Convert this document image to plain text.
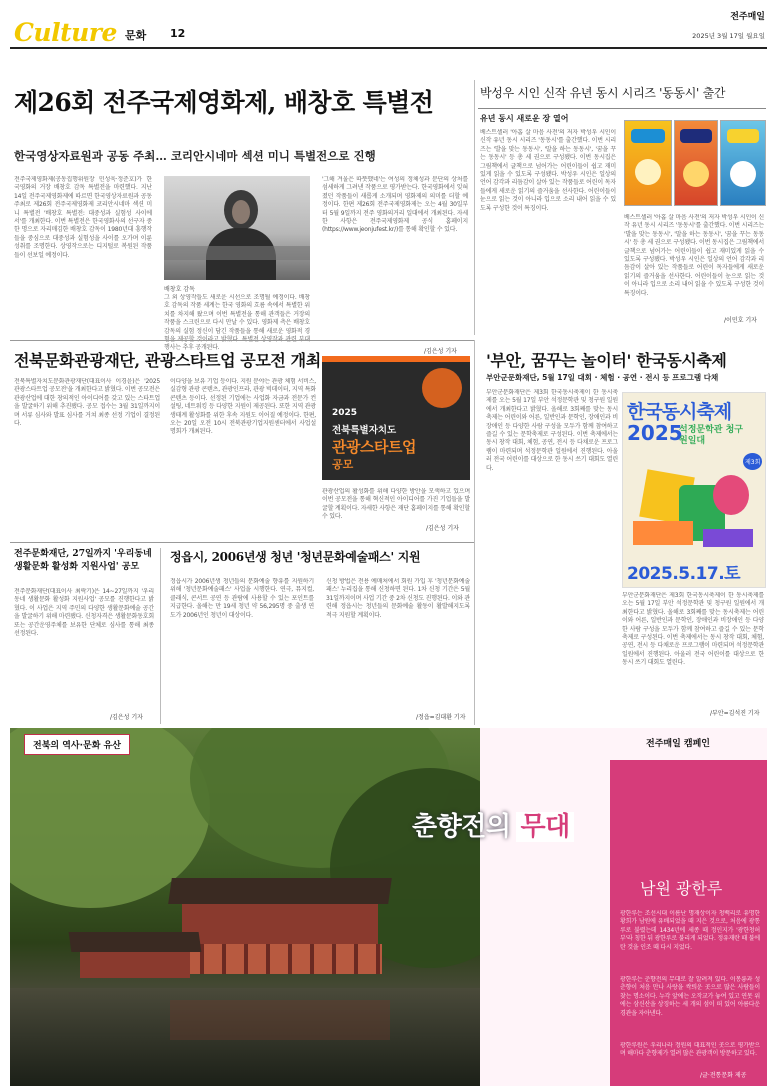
Culture 문화 12
전주매일
2025년 3월 17일 월요일
제26회 전주국제영화제, 배창호 특별전
한국영상자료원과 공동 주최… 코리안시네마 섹션 미니 특별전으로 진행
전주국제영화제(공동집행위원장 민성욱·정준호)가 한국영화의 거장 배창호 감독 특별전을 마련했다. 지난 14일 전주국제영화제에 따르면 한국영상자료원과 공동 주최로 제26회 전주국제영화제 코리안시네마 섹션 미니 특별전 '배창호 특별전: 대중성과 실험성 사이에서'를 개최한다. 이번 특별전은 한국영화사의 선구자 중 한 명으로 자리매김한 배창호 감독이 1980년대 흥행작들을 중심으로 대중성과 실험성을 사이를 오가며 이룬 성취를 조명한다. 상영작으로는 디지털로 복원된 작품들이 선보일 예정이다.
배창호 감독
그 외 상영작들도 새로운 시선으로 조명될 예정이다. 배창호 감독의 작품 세계는 한국 영화의 흐름 속에서 특별한 위치를 차지해 왔으며 이번 특별전을 통해 관객들은 거장의 작품을 스크린으로 다시 만날 수 있다. 영화제 측은 배창호 감독의 실험 정신이 담긴 작품들을 통해 새로운 영화적 경 행사는 추후 공개된다.
'그해 겨울은 따뜻했네'는 여성의 정체성과 분단의 상처를 섬세하게 그려낸 작품으로 평가받는다. 한국영화에서 잊혀졌던 작품들이 새롭게 소개되며 영화제의 의미를 더할 예정이다. 한편 제26회 전주국제영화제는 오는 4월 30일부터 5월 9일까지 전주 영화의거리 일대에서 개최된다. 자세한 사항은 전주국제영화제 공식 홈페이지(https://www.jeonjufest.kr/)를 통해 확인할 수 있다.
/김은성 기자
박성우 시인 신작 유년 동시 시리즈 '동동시' 출간
유년 동시 새로운 장 열어
베스트셀러 '아홉 살 마음 사전'의 저자 박성우 시인이 신작 유년 동시 시리즈 '동동시'를 출간했다. 이번 시리즈는 '발을 맞는 동동시', '말을 하는 동동시', '꿈을 꾸는 동동시' 등 총 세 권으로 구성됐다. 이번 동시집은 그림책에서 글책으로 넘어가는 어린이들이 쉽고 재미있게 읽을 수 있도록 구성됐다. 박성우 시인은 일상의 언어 감각과 리듬감이 살아 있는 작품들로 어린이 독자들에게 새로운 읽기의 즐거움을 선사한다. 어린이들이 눈으로 읽는 것이 아니라 입으로 소리 내어 읽을 수 있도록 구성한 것이 특징이다.
베스트셀러 '아홉 살 마음 사전'의 저자 박성우 시인이 신작 유년 동시 시리즈 '동동시'를 출간했다. 이번 시리즈는 '발을 맞는 동동시', '말을 하는 동동시', '꿈을 꾸는 동동시' 등 총 세 권으로 구성됐다. 이번 동시집은 그림책에서 글책으로 넘어가는 어린이들이 쉽고 재미있게 읽을 수 있도록 구성됐다. 박성우 시인은 일상의 언어 감각과 리듬감이 살아 있는 작품들로 어린이 독자들에게 새로운 읽기의 즐거움을 선사한다. 어린이들이 눈으로 읽는 것이 아니라 입으로 소리 내어 읽을 수 있도록 구성한 것이 특징이다.
/이민호 기자
전북문화관광재단, 관광스타트업 공모전 개최
전북특별자치도문화관광재단(대표이사 이경윤)은 '2025 관광스타트업 공모전'을 개최한다고 밝혔다. 이번 공모전은 관광산업에 대한 창의적인 아이디어를 갖고 있는 스타트업을 발굴하기 위해 추진됐다. 공모 접수는 3월 31일까지이며 서류 심사와 발표 심사를 거쳐 최종 선정 기업이 결정된다.
이다양을 보유 기업 등이다. 지원 분야는 관광 체험 서비스, 실감형 관광 콘텐츠, 관광인프라, 관광 빅데이터, 지역 특화 콘텐츠 등이다. 선정된 기업에는 사업화 자금과 전문가 컨설팅, 네트워킹 등 다양한 지원이 제공된다. 또한 지역 관광 생태계 활성화를 위한 후속 지원도 이어질 예정이다. 한편, 오는 20일 오전 10시 전북관광기업지원센터에서 사업설명회가 개최된다.
2025
전북특별자치도
관광스타트업
공모
관광산업의 활성화를 위해 다양한 방안을 모색하고 있으며 이번 공모전을 통해 혁신적인 아이디어를 가진 기업들을 발굴할 계획이다. 자세한 사항은 재단 홈페이지를 통해 확인할 수 있다.
/김은성 기자
'부안, 꿈꾸는 놀이터' 한국동시축제
부안군문화재단, 5월 17일 대회 · 체험 · 공연 · 전시 등 프로그램 다채
부안군문화재단은 제3회 한국동시축제이 한 동시축제를 오는 5월 17일 부안 석정문학관 및 청구원 일원에서 개최한다고 밝혔다. 올해로 3회째를 맞는 동시축제는 어린이와 어른, 일반인과 문학인, 장애인과 비장애인 등 다양한 사람 구성을 모두가 함께 참여하고 즐길 수 있는 문학축제로 구성된다. 이번 축제에서는 동시 창작 대회, 체험, 공연, 전시 등 다채로운 프로그램이 마련되며 석정문학관 일원에서 진행된다. 아울러 전국 어린이를 대상으로 한 동시 쓰기 대회도 열린다.
한국동시축제
2025
석정문학관 청구원일대
제3회
2025.5.17.토
부안군문화재단은 제3회 한국동시축제이 한 동시축제를 오는 5월 17일 부안 석정문학관 및 청구원 일원에서 개최한다고 밝혔다. 올해로 3회째를 맞는 동시축제는 어린이와 어른, 일반인과 문학인, 장애인과 비장애인 등 다양한 사람 구성을 모두가 함께 참여하고 즐길 수 있는 문학축제로 구성된다. 이번 축제에서는 동시 창작 대회, 체험, 공연, 전시 등 다채로운 프로그램이 마련되며 석정문학관 일원에서 진행된다. 아울러 전국 어린이를 대상으로 한 동시 쓰기 대회도 열린다.
/부안=김석진 기자
전주문화재단, 27일까지 '우리동네 생활문화 활성화 지원사업' 공모
전주문화재단(대표이사 최락기)은 14~27일까지 '우리동네 생활문화 활성화 지원사업' 공모를 진행한다고 밝혔다. 이 사업은 지역 주민의 다양한 생활문화예술 공간을 발굴하기 위해 마련됐다. 신청자격은 생활문화동호회 또는 공간운영주체를 보유한 단체로 심사를 통해 최종 선정된다.
/김은성 기자
정읍시, 2006년생 청년 '청년문화예술패스' 지원
정읍시가 2006년생 청년들의 문화예술 향유를 지원하기 위해 '청년문화예술패스' 사업을 시행한다. 연극, 뮤지컬, 클래식, 콘서트 공연 등 관람에 사용할 수 있는 포인트를 지급한다. 올해는 만 19세 청년 약 56,295명 중 출생 연도가 2006년인 청년이 대상이다.
신청 방법은 전용 예매처에서 회원 가입 후 '청년문화예술패스' 누리집을 통해 신청하면 된다. 1차 신청 기간은 5월 31일까지이며 사업 기간 중 2차 신청도 진행된다. 이와 관련해 정읍시는 청년들의 문화예술 활동이 활발해지도록 적극 지원할 계획이다.
/정읍=김대환 기자
전북의 역사·문화 유산	전주매일 캠페인
춘향전의 무대
남원 광한루
광한루는 조선시대 이름난 명재상이자 청백리로 유명한 황희가 남원에 유배되었을 때 지은 것으로, 처음에 광통루로 불렸는데 1434년에 세종 때 정인지가 '광한청허부'라 칭한 뒤 광한루로 불리게 되었다. 정유재란 때 불에 탄 것을 인조 때 다시 지었다.
광한루는 춘향전의 무대로 잘 알려져 있다. 이몽룡과 성춘향이 처음 만나 사랑을 싹틔운 곳으로 많은 사람들이 찾는 명소이다. 누각 앞에는 오작교가 놓여 있고 연못 위에는 삼신산을 상징하는 세 개의 섬이 떠 있어 아름다운 경관을 자아낸다.
광한루원은 우리나라 정원의 대표적인 곳으로 평가받으며 해마다 춘향제가 열려 많은 관광객이 방문하고 있다.
/글·전통문화 제공
